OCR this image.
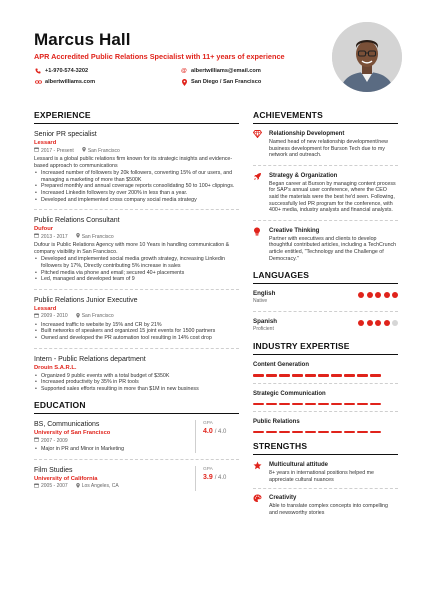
Marcus Hall
APR Accredited Public Relations Specialist with 11+ years of experience
+1-970-574-3202	@ albertwilliams@email.com
albertwilliams.com	San Diego / San Francisco
EXPERIENCE
Senior PR specialist
Lessard
2017 - Present	San Francisco
Lessard is a global public relations firm known for its strategic insights and evidence-based approach to communications
• Increased number of followers by 20k followers, converting 15% of our users, and managing a marketing of more than $500K
• Prepared monthly and annual coverage reports consolidating 50 to 100+ clippings.
• Increased Linkedin followers by over 200% in less than a year.
• Developed and implemented cross company social media strategy
Public Relations Consultant
Dufour
2013 - 2017	San Francisco
Dufour is Public Relations Agency with more 10 Years in handling communication & company visibility in San Francisco.
• Developed and implemented social media growth strategy, increasing Linkedin followers by 17%, Directly contributing 5% increase in sales
• Pitched media via phone and email; secured 40+ placements
• Led, managed and developed team of 9
Public Relations Junior Executive
Lessard
2009 - 2010	San Francisco
• Increased traffic to website by 15% and CR by 21%
• Built networks of speakers and organized 15 joint events for 1500 partners
• Owned and developed the PR automation tool resulting in 14% cost drop
Intern - Public Relations department
Drouin S.A.R.L.
• Organized 9 public events with a total budget of $350K
• Increased productivity by 35% in PR tools
• Supported sales efforts resulting in more than $1M in new business
EDUCATION
BS, Communications
University of San Francisco
2007 - 2009
• Major in PR and Minor in Marketing
GPA
4.0 / 4.0
Film Studies
University of California
2005 - 2007	Los Angeles, CA
GPA
3.9 / 4.0
ACHIEVEMENTS
Relationship Development
Named head of new relationship development/new business development for Burson Tech due to my network and outreach.
Strategy & Organization
Began career at Burson by managing content process for SAP's annual user conference, where the CEO said the materials were the best he'd seen. Following, successfully led PR program for the conference, with 400+ media, industry analysts and financial analysts.
Creative Thinking
Partner with executives and clients to develop thoughtful contributed articles, including a TechCrunch article entitled, "Technology and the Challenge of Democracy."
LANGUAGES
English
Native
Spanish
Proficient
INDUSTRY EXPERTISE
Content Generation
Strategic Communication
Public Relations
STRENGTHS
Multicultural attitude
8+ years in international positions helped me appreciate cultural nuances
Creativity
Able to translate complex concepts into compelling and newsworthy stories
